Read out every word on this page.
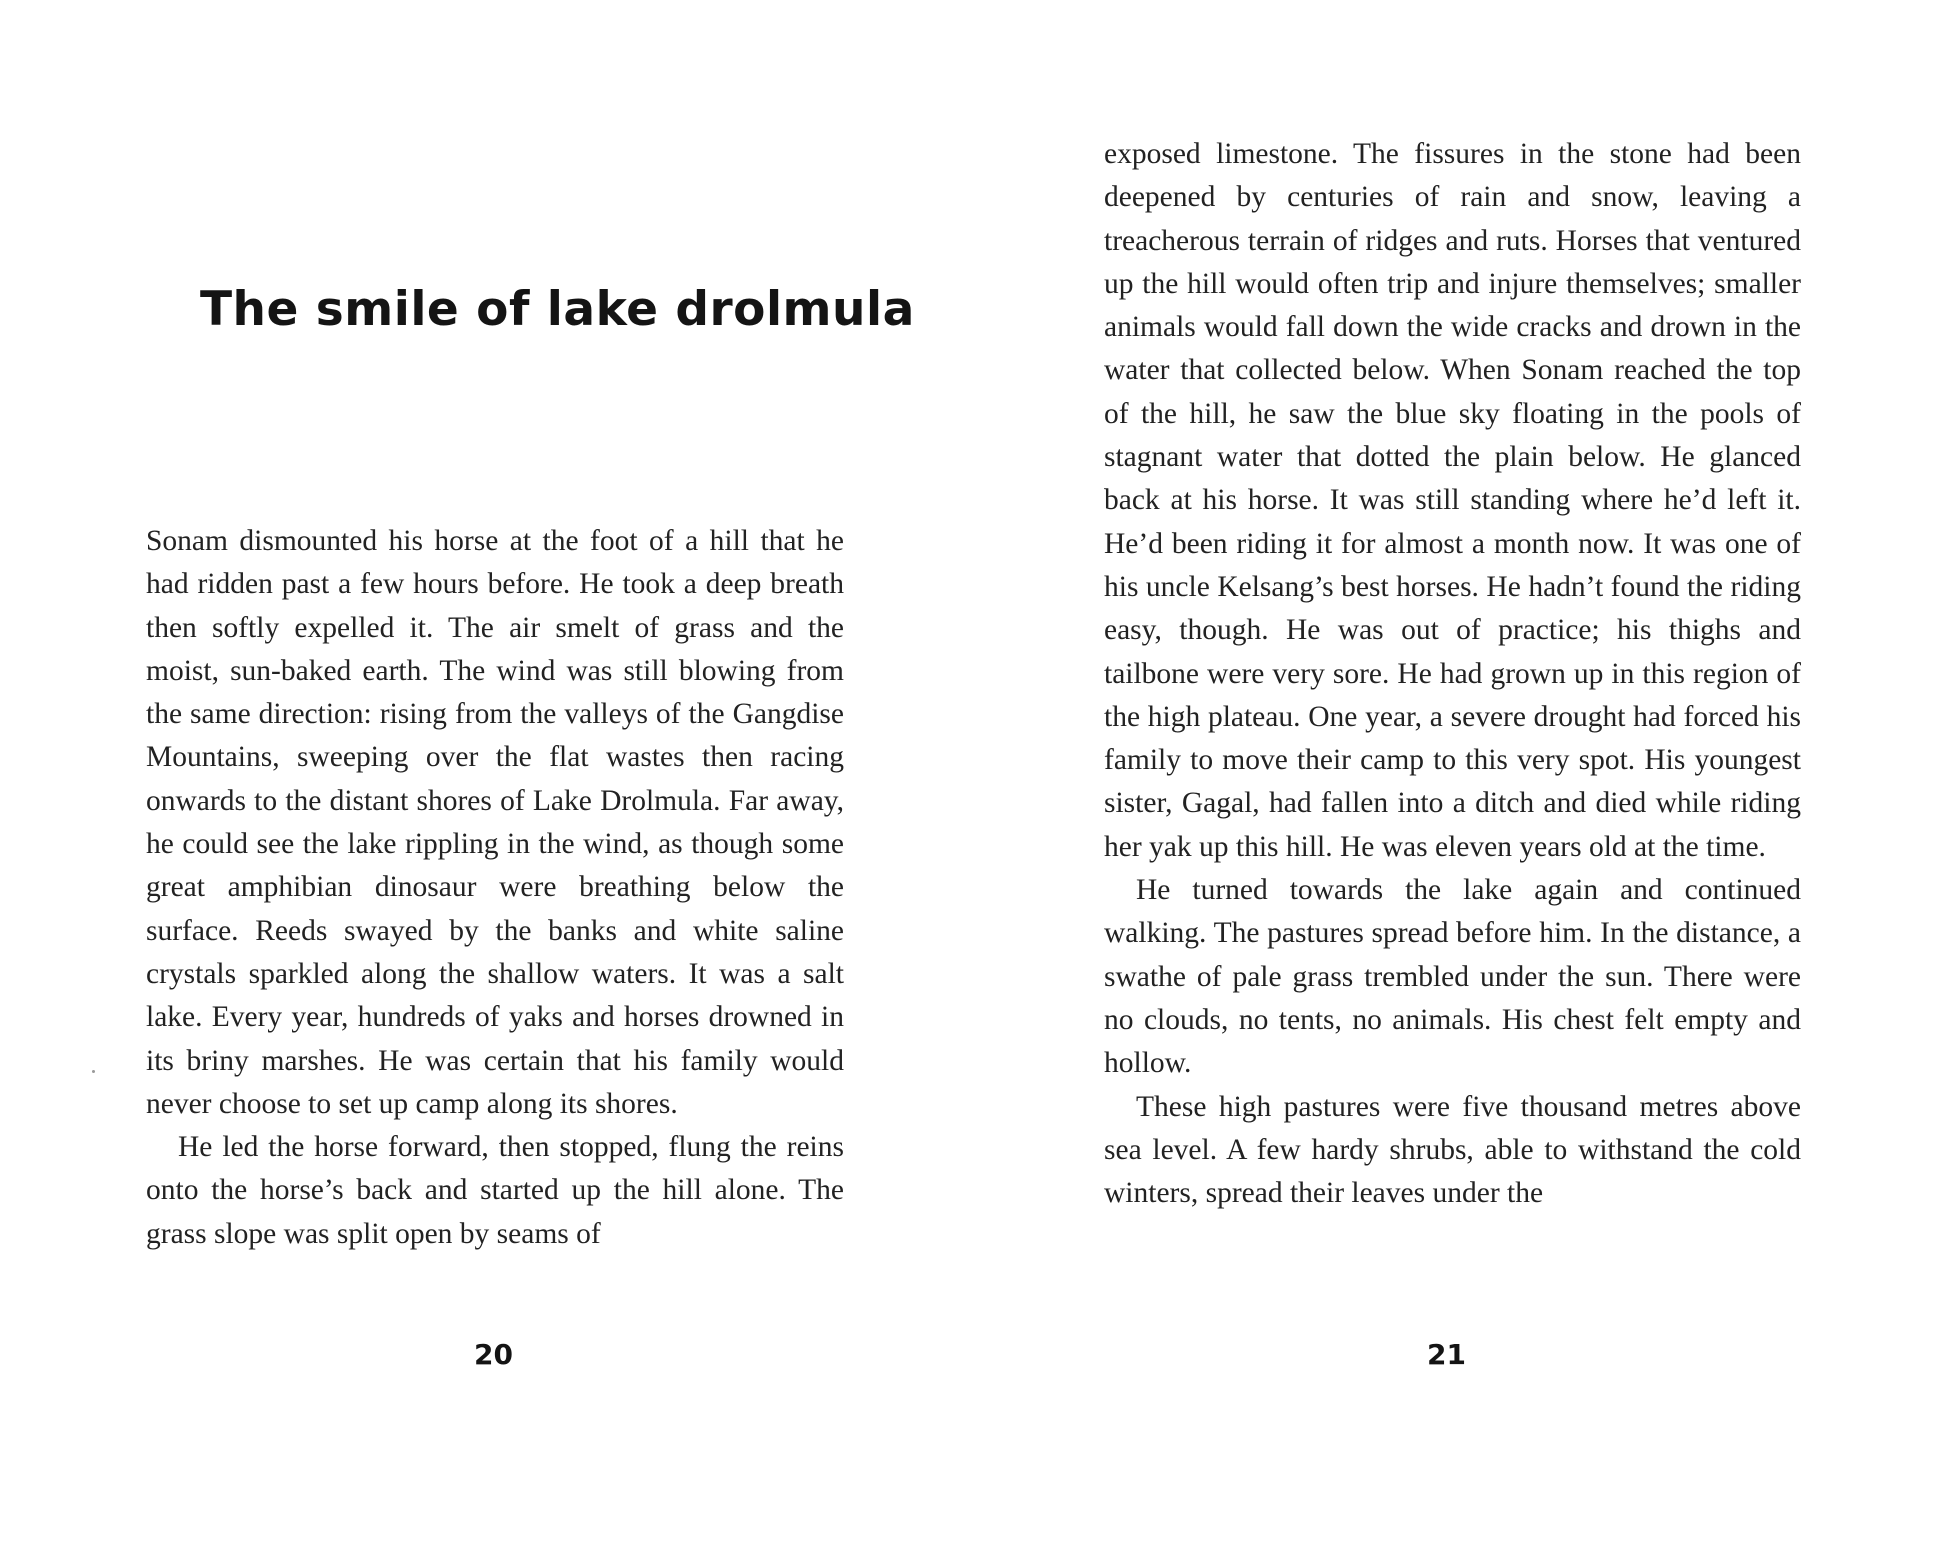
The smile of lake drolmula

Sonam dismounted his horse at the foot of a hill that he had ridden past a few hours before. He took a deep breath then softly expelled it. The air smelt of grass and the moist, sun-baked earth. The wind was still blowing from the same direction: rising from the valleys of the Gangdise Mountains, sweeping over the flat wastes then racing onwards to the distant shores of Lake Drolmula. Far away, he could see the lake rippling in the wind, as though some great amphibian dinosaur were breathing below the surface. Reeds swayed by the banks and white saline crystals sparkled along the shallow waters. It was a salt lake. Every year, hundreds of yaks and horses drowned in its briny marshes. He was certain that his family would never choose to set up camp along its shores.

He led the horse forward, then stopped, flung the reins onto the horse’s back and started up the hill alone. The grass slope was split open by seams of

20

exposed limestone. The fissures in the stone had been deepened by centuries of rain and snow, leaving a treacherous terrain of ridges and ruts. Horses that ventured up the hill would often trip and injure themselves; smaller animals would fall down the wide cracks and drown in the water that collected below. When Sonam reached the top of the hill, he saw the blue sky floating in the pools of stagnant water that dotted the plain below. He glanced back at his horse. It was still standing where he’d left it. He’d been riding it for almost a month now. It was one of his uncle Kelsang’s best horses. He hadn’t found the riding easy, though. He was out of practice; his thighs and tailbone were very sore. He had grown up in this region of the high plateau. One year, a severe drought had forced his family to move their camp to this very spot. His youngest sister, Gagal, had fallen into a ditch and died while riding her yak up this hill. He was eleven years old at the time.

He turned towards the lake again and continued walking. The pastures spread before him. In the distance, a swathe of pale grass trembled under the sun. There were no clouds, no tents, no animals. His chest felt empty and hollow.

These high pastures were five thousand metres above sea level. A few hardy shrubs, able to withstand the cold winters, spread their leaves under the

21
